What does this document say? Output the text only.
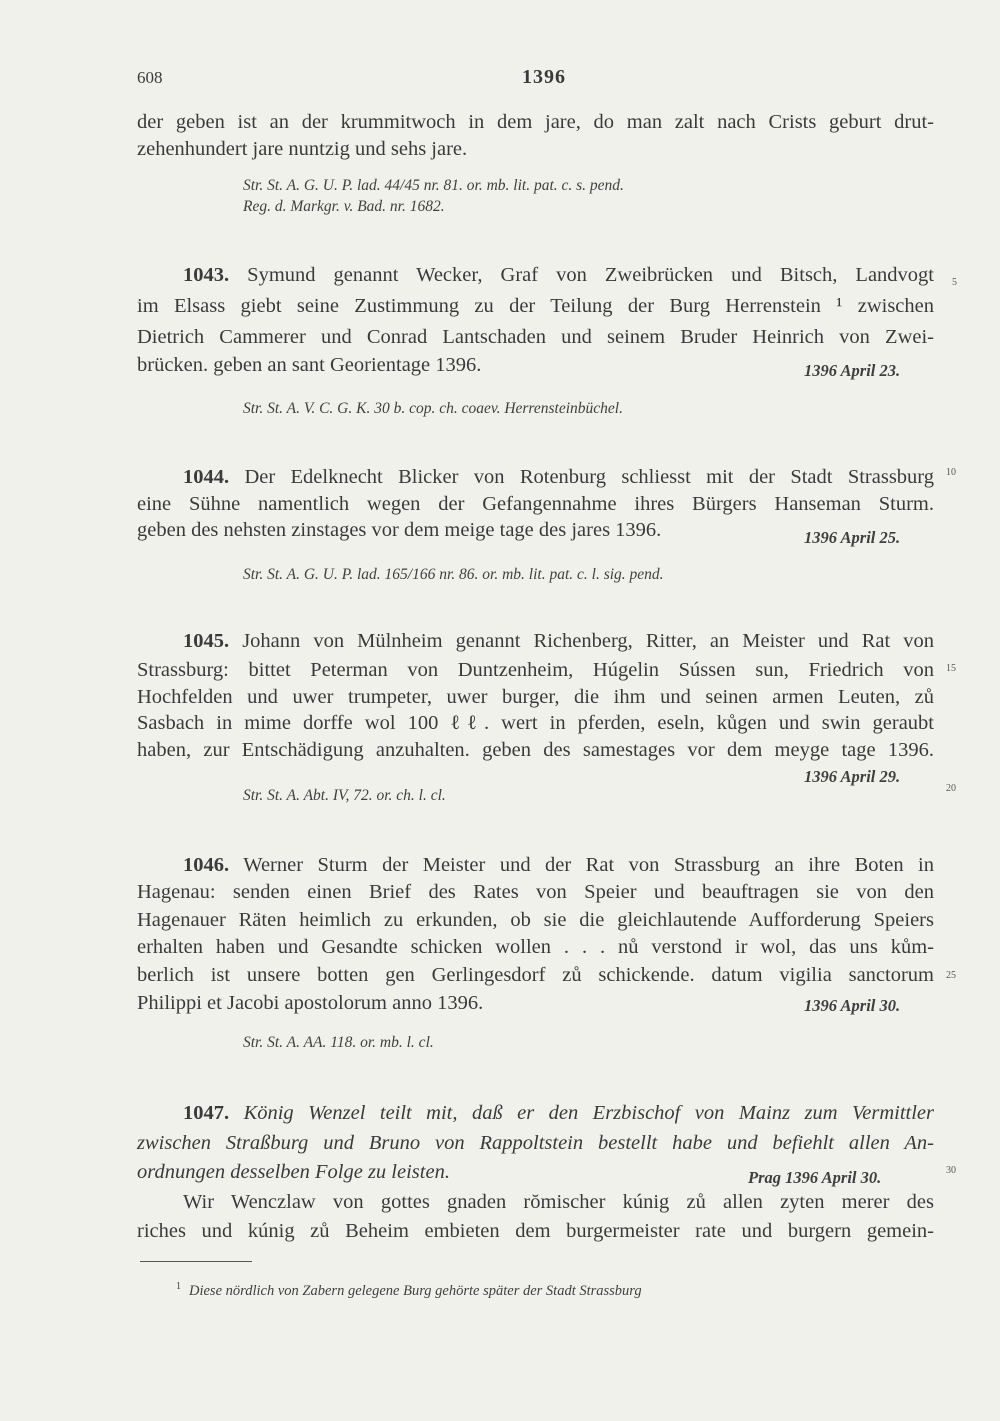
608	1396
der geben ist an der krummitwoch in dem jare, do man zalt nach Crists geburt drut-
zehenhundert jare nuntzig und sehs jare.
Str. St. A. G. U. P. lad. 44/45 nr. 81. or. mb. lit. pat. c. s. pend.
Reg. d. Markgr. v. Bad. nr. 1682.
1043. Symund genannt Wecker, Graf von Zweibrücken und Bitsch, Landvogt
im Elsass giebt seine Zustimmung zu der Teilung der Burg Herrenstein ¹ zwischen
Dietrich Cammerer und Conrad Lantschaden und seinem Bruder Heinrich von Zwei-
brücken. geben an sant Georientage 1396.	1396 April 23.
Str. St. A. V. C. G. K. 30 b. cop. ch. coaev. Herrensteinbüchel.
1044. Der Edelknecht Blicker von Rotenburg schliesst mit der Stadt Strassburg
eine Sühne namentlich wegen der Gefangennahme ihres Bürgers Hanseman Sturm.
geben des nehsten zinstages vor dem meige tage des jares 1396.	1396 April 25.
Str. St. A. G. U. P. lad. 165/166 nr. 86. or. mb. lit. pat. c. l. sig. pend.
1045. Johann von Mülnheim genannt Richenberg, Ritter, an Meister und Rat von
Strassburg: bittet Peterman von Duntzenheim, Húgelin Sússen sun, Friedrich von
Hochfelden und uwer trumpeter, uwer burger, die ihm und seinen armen Leuten, zů
Sasbach in mime dorffe wol 100 ℓℓ. wert in pferden, eseln, kůgen und swin geraubt
haben, zur Entschädigung anzuhalten. geben des samestages vor dem meyge tage 1396.
1396 April 29.
Str. St. A. Abt. IV, 72. or. ch. l. cl.
1046. Werner Sturm der Meister und der Rat von Strassburg an ihre Boten in
Hagenau: senden einen Brief des Rates von Speier und beauftragen sie von den
Hagenauer Räten heimlich zu erkunden, ob sie die gleichlautende Aufforderung Speiers
erhalten haben und Gesandte schicken wollen . . . nů verstond ir wol, das uns kům-
berlich ist unsere botten gen Gerlingesdorf zů schickende. datum vigilia sanctorum
Philippi et Jacobi apostolorum anno 1396.	1396 April 30.
Str. St. A. AA. 118. or. mb. l. cl.
1047. König Wenzel teilt mit, daß er den Erzbischof von Mainz zum Vermittler
zwischen Straßburg und Bruno von Rappoltstein bestellt habe und befiehlt allen An-
ordnungen desselben Folge zu leisten.	Prag 1396 April 30.
Wir Wenczlaw von gottes gnaden rŏmischer kúnig zů allen zyten merer des
riches und kúnig zů Beheim embieten dem burgermeister rate und burgern gemein-
5
10
15
20
25
30
$^1$ Diese nördlich von Zabern gelegene Burg gehörte später der Stadt Strassburg
